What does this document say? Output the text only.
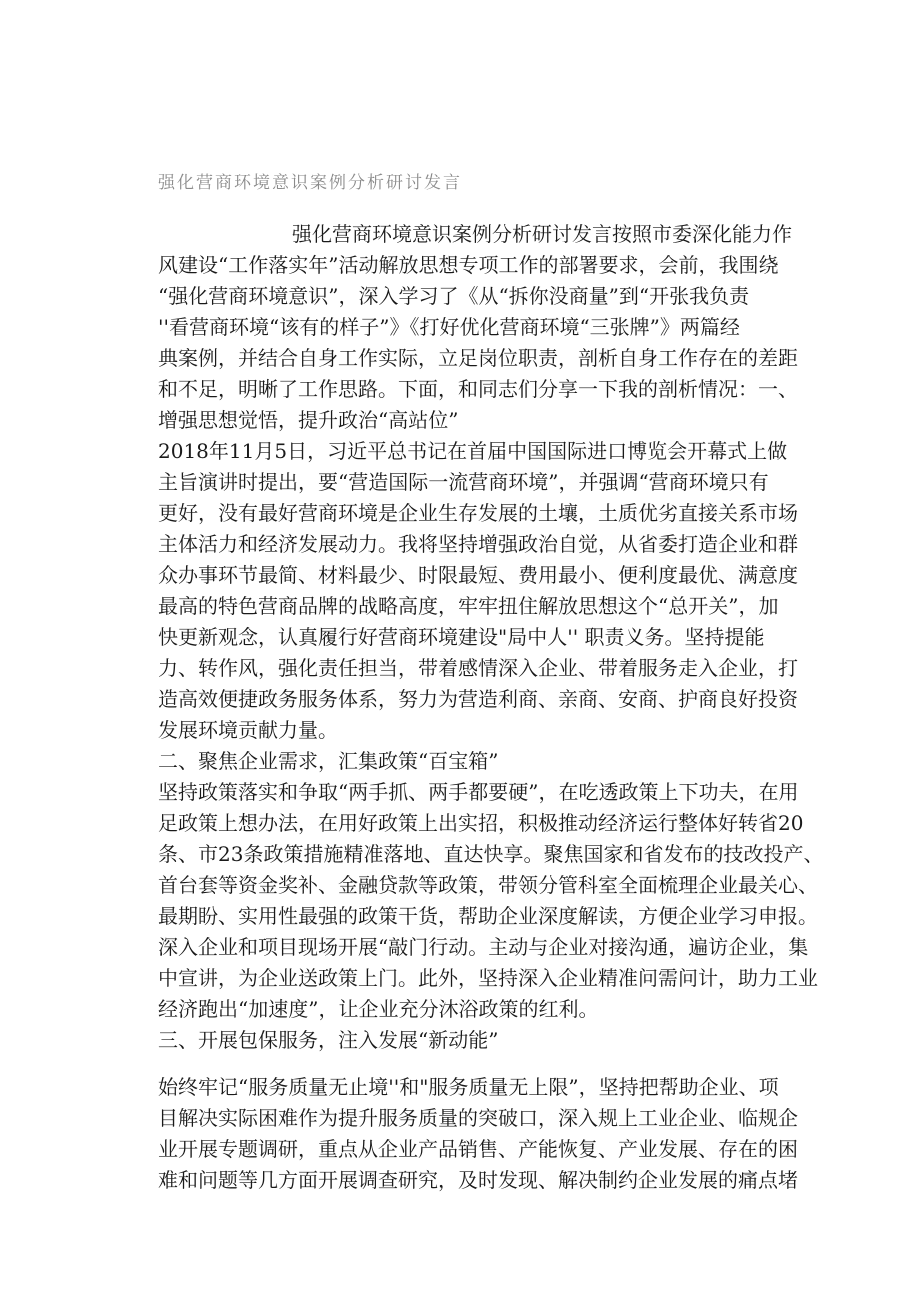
强化营商环境意识案例分析研讨发言
强化营商环境意识案例分析研讨发言按照市委深化能力作
风建设“工作落实年”活动解放思想专项工作的部署要求，会前，我围绕
“强化营商环境意识”，深入学习了《从“拆你没商量”到“开张我负责
''看营商环境“该有的样子”》《打好优化营商环境“三张牌”》两篇经
典案例，并结合自身工作实际，立足岗位职责，剖析自身工作存在的差距
和不足，明晰了工作思路。下面，和同志们分享一下我的剖析情况：一、
增强思想觉悟，提升政治“高站位”
2018年11月5日，习近平总书记在首届中国国际进口博览会开幕式上做
主旨演讲时提出，要“营造国际一流营商环境”，并强调“营商环境只有
更好，没有最好营商环境是企业生存发展的土壤，土质优劣直接关系市场
主体活力和经济发展动力。我将坚持增强政治自觉，从省委打造企业和群
众办事环节最简、材料最少、时限最短、费用最小、便利度最优、满意度
最高的特色营商品牌的战略高度，牢牢扭住解放思想这个“总开关”，加
快更新观念，认真履行好营商环境建设"局中人'' 职责义务。坚持提能
力、转作风，强化责任担当，带着感情深入企业、带着服务走入企业，打
造高效便捷政务服务体系，努力为营造利商、亲商、安商、护商良好投资
发展环境贡献力量。
二、聚焦企业需求，汇集政策“百宝箱”
坚持政策落实和争取“两手抓、两手都要硬”，在吃透政策上下功夫，在用
足政策上想办法，在用好政策上出实招，积极推动经济运行整体好转省20
条、市23条政策措施精准落地、直达快享。聚焦国家和省发布的技改投产、
首台套等资金奖补、金融贷款等政策，带领分管科室全面梳理企业最关心、
最期盼、实用性最强的政策干货，帮助企业深度解读，方便企业学习申报。
深入企业和项目现场开展“敲门行动。主动与企业对接沟通，遍访企业，集
中宣讲，为企业送政策上门。此外，坚持深入企业精准问需问计，助力工业
经济跑出“加速度”，让企业充分沐浴政策的红利。
三、开展包保服务，注入发展“新动能”
始终牢记“服务质量无止境''和"服务质量无上限”，坚持把帮助企业、项
目解决实际困难作为提升服务质量的突破口，深入规上工业企业、临规企
业开展专题调研，重点从企业产品销售、产能恢复、产业发展、存在的困
难和问题等几方面开展调查研究，及时发现、解决制约企业发展的痛点堵
